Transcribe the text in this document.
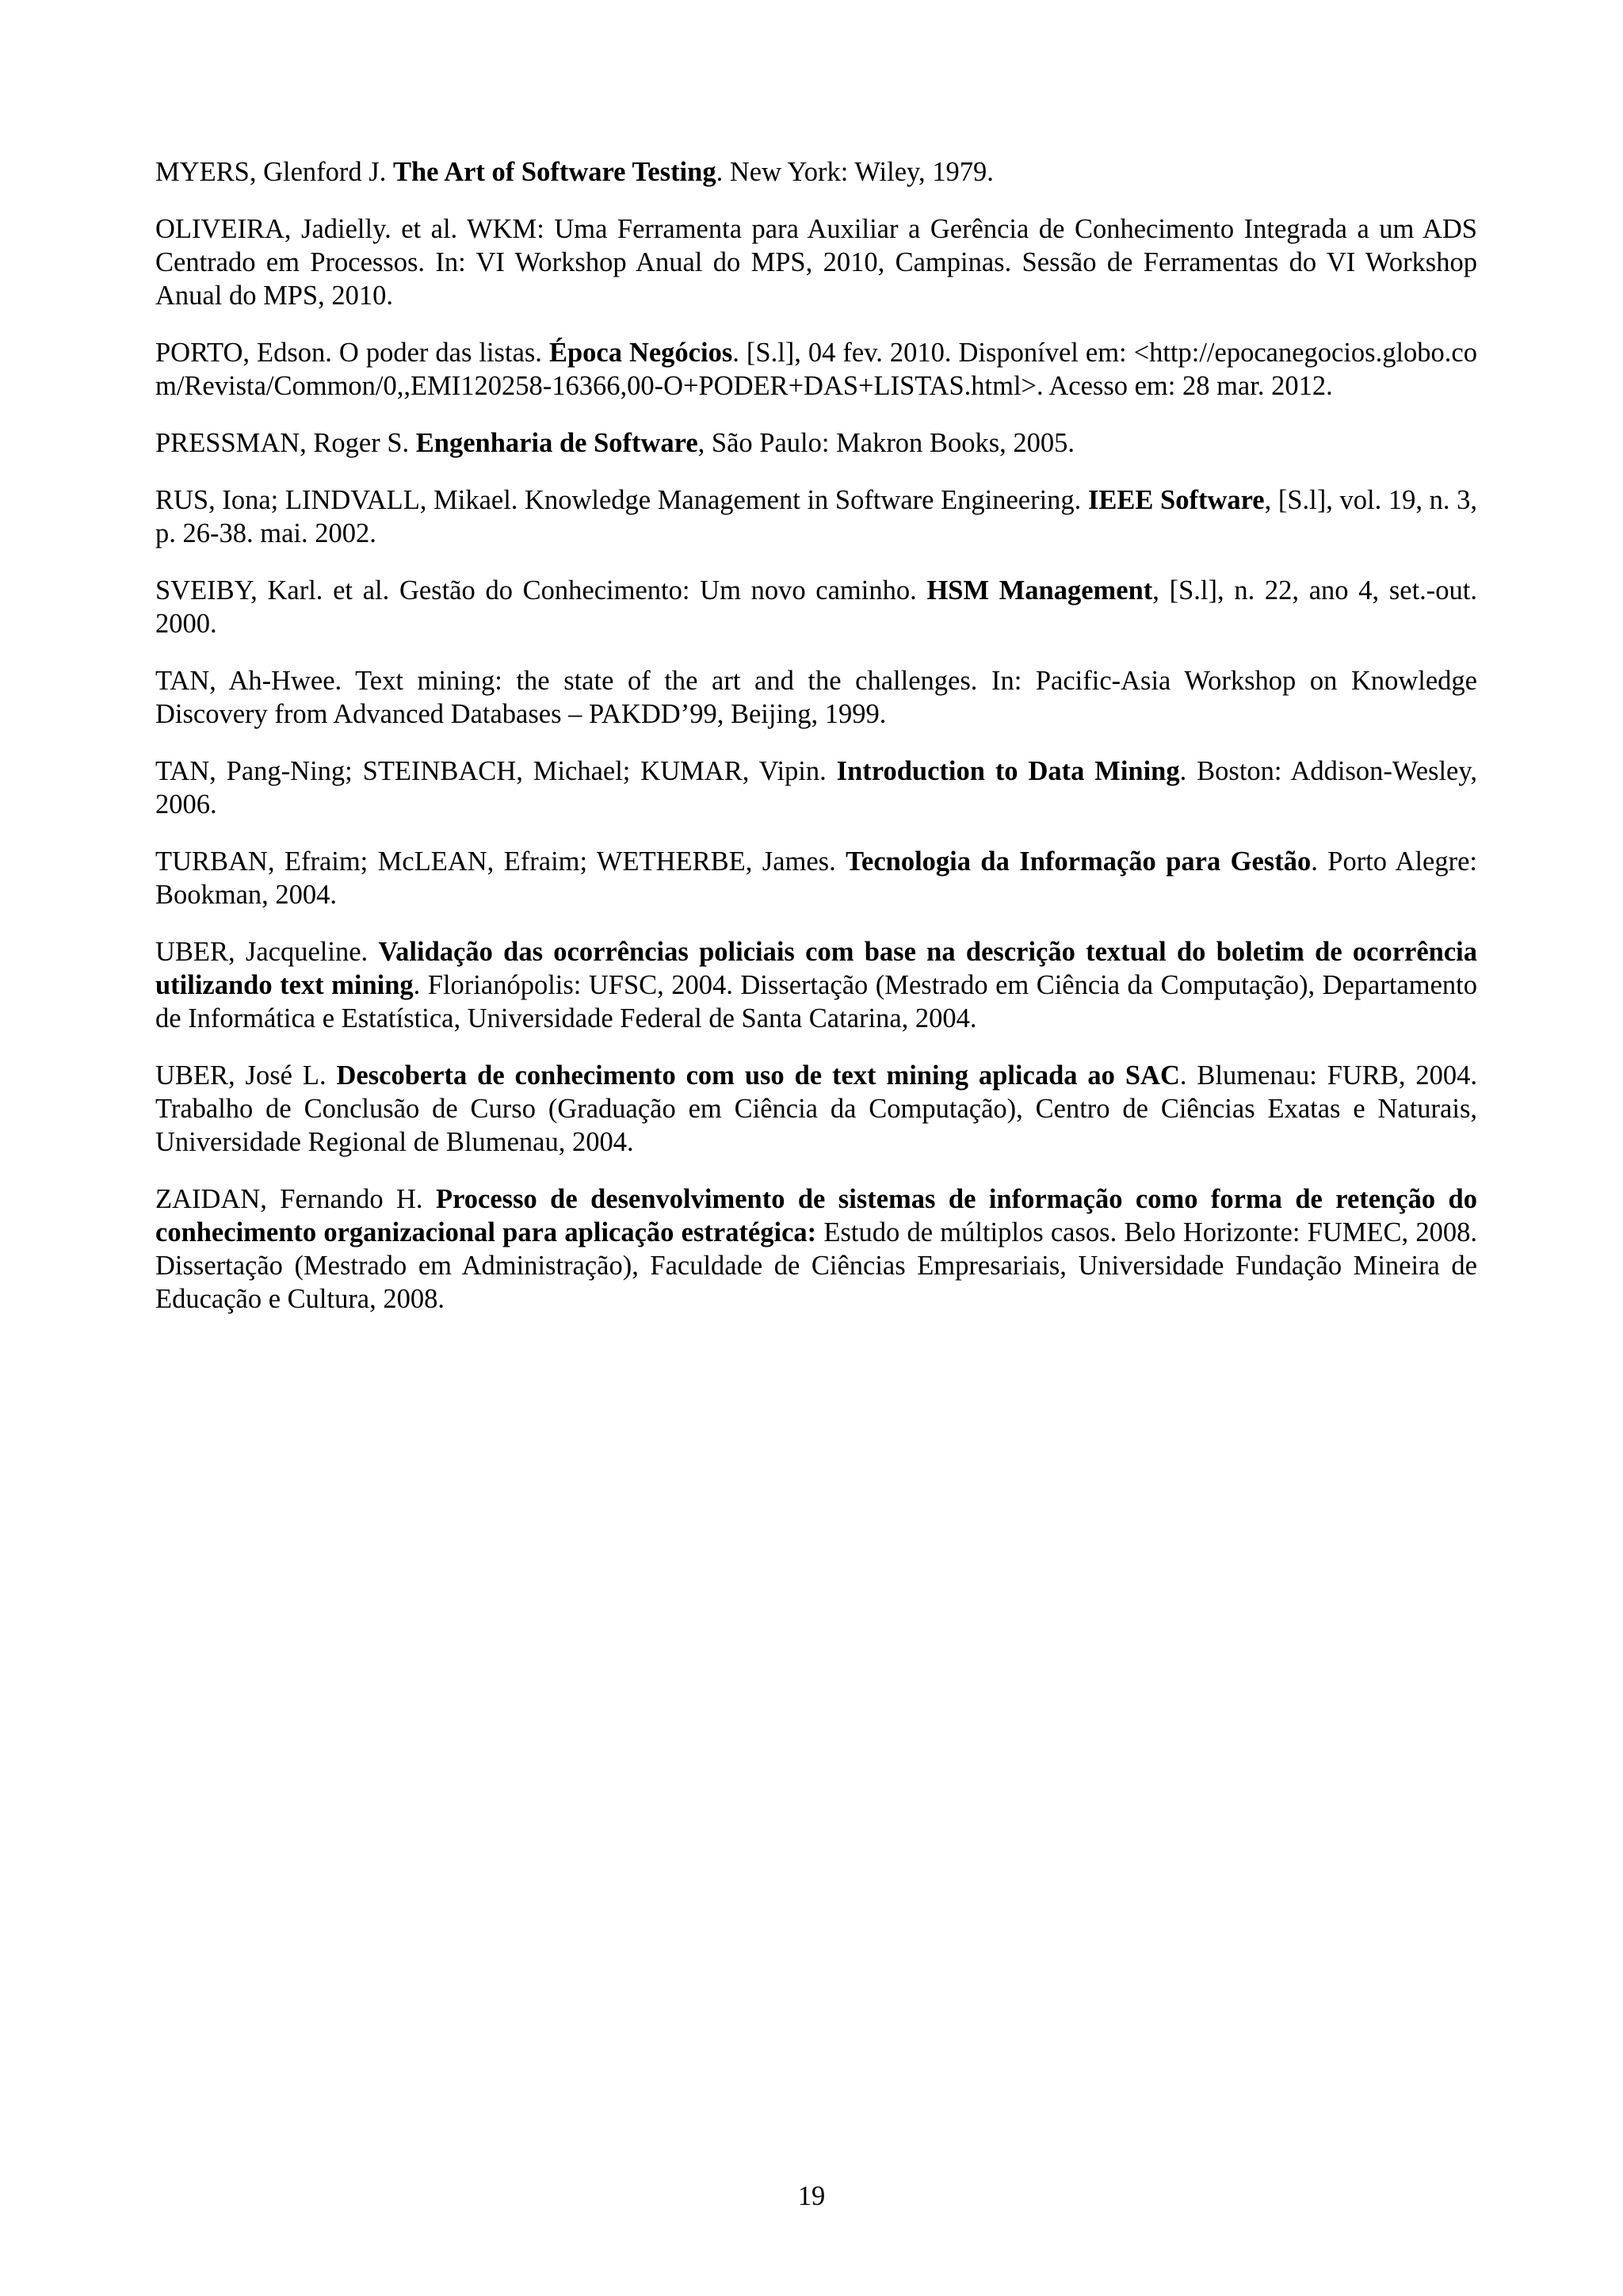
MYERS, Glenford J. The Art of Software Testing. New York: Wiley, 1979.

OLIVEIRA, Jadielly. et al. WKM: Uma Ferramenta para Auxiliar a Gerência de Conhecimento Integrada a um ADS Centrado em Processos. In: VI Workshop Anual do MPS, 2010, Campinas. Sessão de Ferramentas do VI Workshop Anual do MPS, 2010.

PORTO, Edson. O poder das listas. Época Negócios. [S.l], 04 fev. 2010. Disponível em: <http://epocanegocios.globo.com/Revista/Common/0,,EMI120258-16366,00-O+PODER+DAS+LISTAS.html>. Acesso em: 28 mar. 2012.

PRESSMAN, Roger S. Engenharia de Software, São Paulo: Makron Books, 2005.

RUS, Iona; LINDVALL, Mikael. Knowledge Management in Software Engineering. IEEE Software, [S.l], vol. 19, n. 3, p. 26-38. mai. 2002.

SVEIBY, Karl. et al. Gestão do Conhecimento: Um novo caminho. HSM Management, [S.l], n. 22, ano 4, set.-out. 2000.

TAN, Ah-Hwee. Text mining: the state of the art and the challenges. In: Pacific-Asia Workshop on Knowledge Discovery from Advanced Databases – PAKDD’99, Beijing, 1999.

TAN, Pang-Ning; STEINBACH, Michael; KUMAR, Vipin. Introduction to Data Mining. Boston: Addison-Wesley, 2006.

TURBAN, Efraim; McLEAN, Efraim; WETHERBE, James. Tecnologia da Informação para Gestão. Porto Alegre: Bookman, 2004.

UBER, Jacqueline. Validação das ocorrências policiais com base na descrição textual do boletim de ocorrência utilizando text mining. Florianópolis: UFSC, 2004. Dissertação (Mestrado em Ciência da Computação), Departamento de Informática e Estatística, Universidade Federal de Santa Catarina, 2004.

UBER, José L. Descoberta de conhecimento com uso de text mining aplicada ao SAC. Blumenau: FURB, 2004. Trabalho de Conclusão de Curso (Graduação em Ciência da Computação), Centro de Ciências Exatas e Naturais, Universidade Regional de Blumenau, 2004.

ZAIDAN, Fernando H. Processo de desenvolvimento de sistemas de informação como forma de retenção do conhecimento organizacional para aplicação estratégica: Estudo de múltiplos casos. Belo Horizonte: FUMEC, 2008. Dissertação (Mestrado em Administração), Faculdade de Ciências Empresariais, Universidade Fundação Mineira de Educação e Cultura, 2008.

19
